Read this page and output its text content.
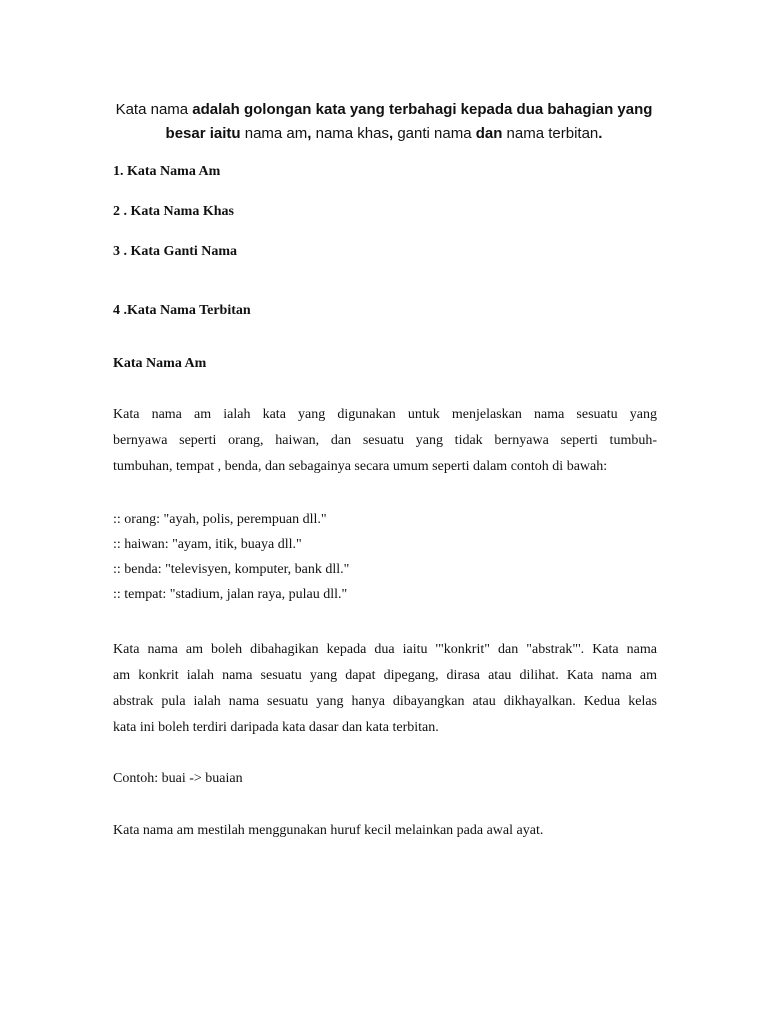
Kata nama adalah golongan kata yang terbahagi kepada dua bahagian yang
besar iaitu nama am, nama khas, ganti nama dan nama terbitan.

1. Kata Nama Am

2 . Kata Nama Khas

3 . Kata Ganti Nama

4 .Kata Nama Terbitan

Kata Nama Am

Kata nama am ialah kata yang digunakan untuk menjelaskan nama sesuatu yang
bernyawa seperti orang, haiwan, dan sesuatu yang tidak bernyawa seperti tumbuh-
tumbuhan, tempat , benda, dan sebagainya secara umum seperti dalam contoh di bawah:

:: orang: "ayah, polis, perempuan dll."

:: haiwan: "ayam, itik, buaya dll."

:: benda: "televisyen, komputer, bank dll."

:: tempat: "stadium, jalan raya, pulau dll."

Kata nama am boleh dibahagikan kepada dua iaitu '"konkrit" dan "abstrak"'. Kata nama
am konkrit ialah nama sesuatu yang dapat dipegang, dirasa atau dilihat. Kata nama am
abstrak pula ialah nama sesuatu yang hanya dibayangkan atau dikhayalkan. Kedua kelas
kata ini boleh terdiri daripada kata dasar dan kata terbitan.

Contoh: buai -> buaian

Kata nama am mestilah menggunakan huruf kecil melainkan pada awal ayat.
